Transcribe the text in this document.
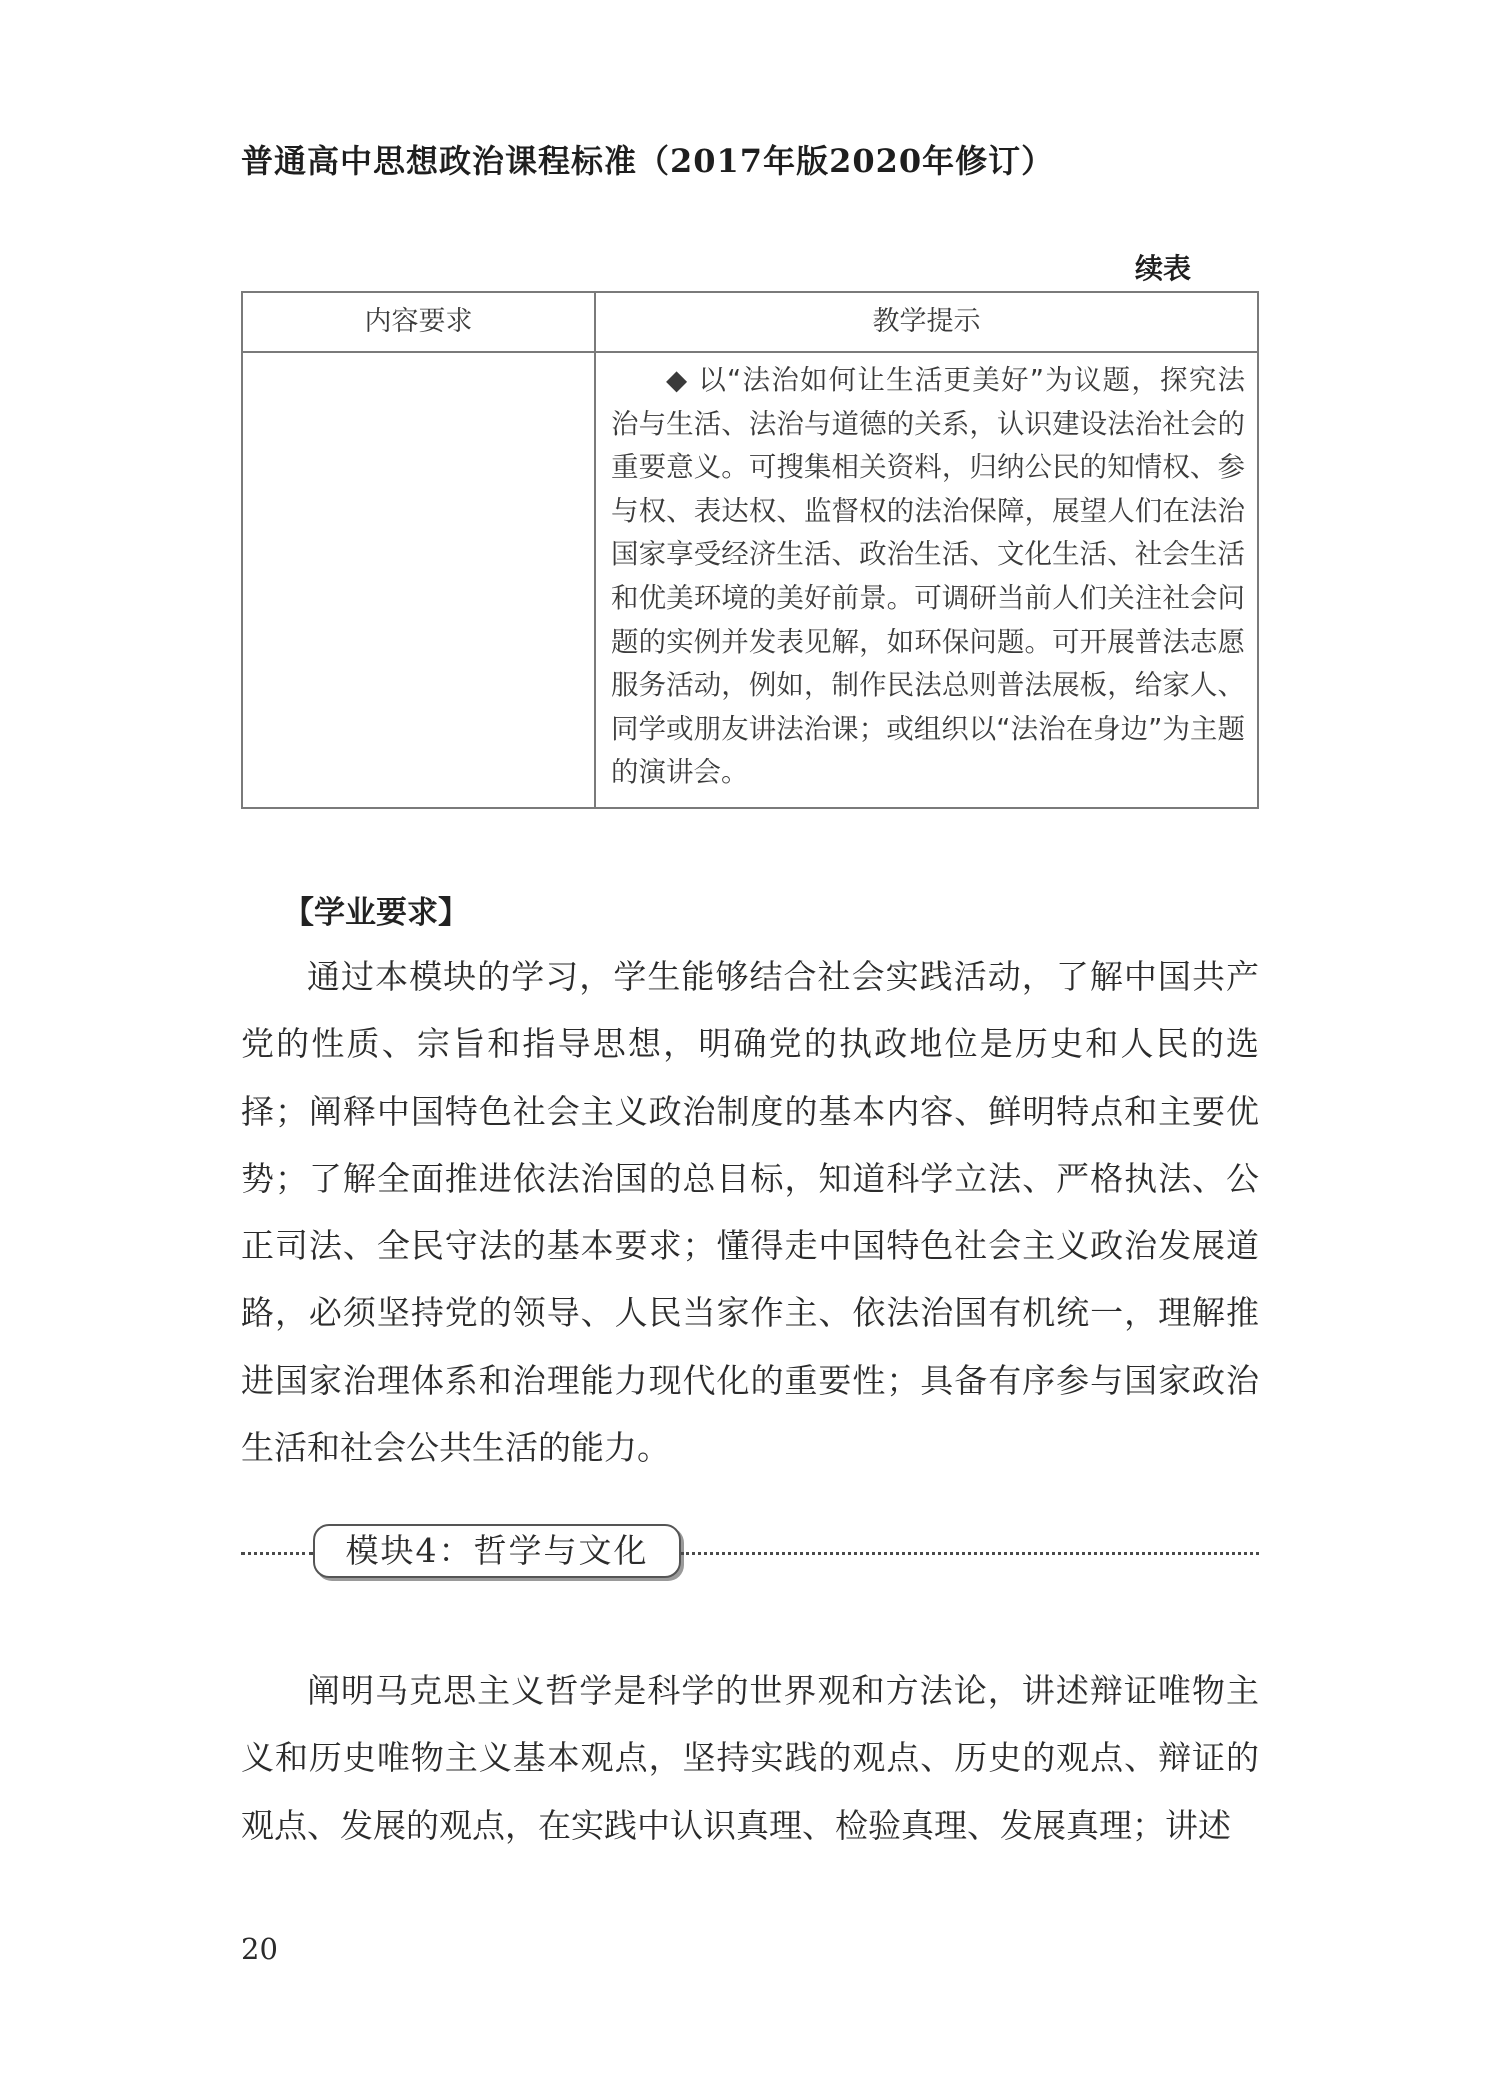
普通高中思想政治课程标准（2017年版2020年修订）
续表
内容要求	教学提示

◆ 以“法治如何让生活更美好”为议题，探究法治与生活、法治与道德的关系，认识建设法治社会的重要意义。可搜集相关资料，归纳公民的知情权、参与权、表达权、监督权的法治保障，展望人们在法治国家享受经济生活、政治生活、文化生活、社会生活和优美环境的美好前景。可调研当前人们关注社会问题的实例并发表见解，如环保问题。可开展普法志愿服务活动，例如，制作民法总则普法展板，给家人、同学或朋友讲法治课；或组织以“法治在身边”为主题的演讲会。

【学业要求】

通过本模块的学习，学生能够结合社会实践活动，了解中国共产党的性质、宗旨和指导思想，明确党的执政地位是历史和人民的选择；阐释中国特色社会主义政治制度的基本内容、鲜明特点和主要优势；了解全面推进依法治国的总目标，知道科学立法、严格执法、公正司法、全民守法的基本要求；懂得走中国特色社会主义政治发展道路，必须坚持党的领导、人民当家作主、依法治国有机统一，理解推进国家治理体系和治理能力现代化的重要性；具备有序参与国家政治生活和社会公共生活的能力。

模块4：哲学与文化

阐明马克思主义哲学是科学的世界观和方法论，讲述辩证唯物主义和历史唯物主义基本观点，坚持实践的观点、历史的观点、辩证的观点、发展的观点，在实践中认识真理、检验真理、发展真理；讲述

20
